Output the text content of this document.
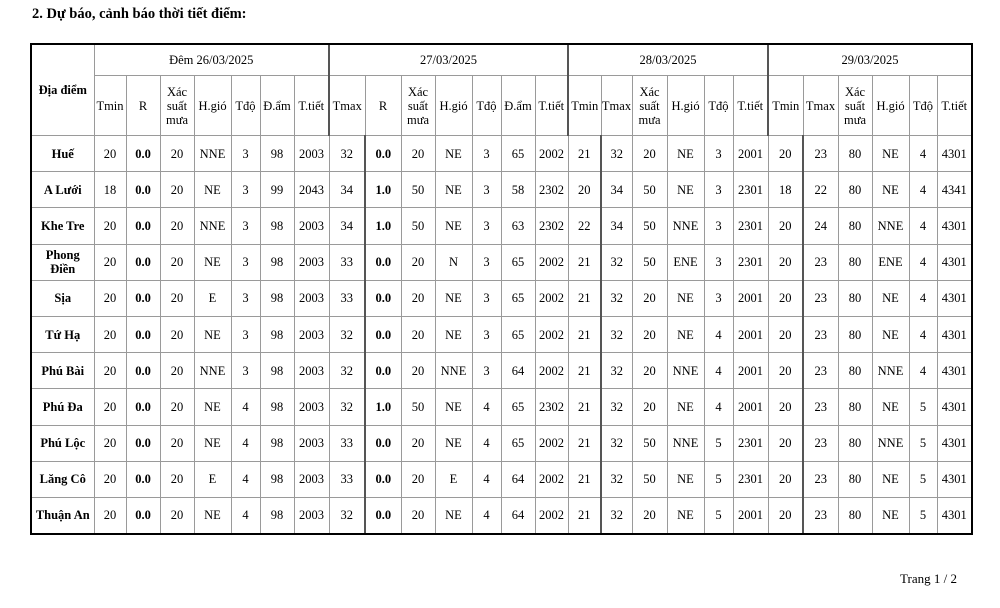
2. Dự báo, cảnh báo thời tiết điểm:
Địa điểm	Đêm 26/03/2025							27/03/2025							28/03/2025						29/03/2025					
	Tmin	R	Xác suất mưa	H.gió	Tđộ	Đ.ẩm	T.tiết	Tmax	R	Xác suất mưa	H.gió	Tđộ	Đ.ẩm	T.tiết	Tmin	Tmax	Xác suất mưa	H.gió	Tđộ	T.tiết	Tmin	Tmax	Xác suất mưa	H.gió	Tđộ	T.tiết
Huế	20	0.0	20	NNE	3	98	2003	32	0.0	20	NE	3	65	2002	21	32	20	NE	3	2001	20	23	80	NE	4	4301
A Lưới	18	0.0	20	NE	3	99	2043	34	1.0	50	NE	3	58	2302	20	34	50	NE	3	2301	18	22	80	NE	4	4341
Khe Tre	20	0.0	20	NNE	3	98	2003	34	1.0	50	NE	3	63	2302	22	34	50	NNE	3	2301	20	24	80	NNE	4	4301
Phong Điền	20	0.0	20	NE	3	98	2003	33	0.0	20	N	3	65	2002	21	32	50	ENE	3	2301	20	23	80	ENE	4	4301
Sịa	20	0.0	20	E	3	98	2003	33	0.0	20	NE	3	65	2002	21	32	20	NE	3	2001	20	23	80	NE	4	4301
Tứ Hạ	20	0.0	20	NE	3	98	2003	32	0.0	20	NE	3	65	2002	21	32	20	NE	4	2001	20	23	80	NE	4	4301
Phú Bài	20	0.0	20	NNE	3	98	2003	32	0.0	20	NNE	3	64	2002	21	32	20	NNE	4	2001	20	23	80	NNE	4	4301
Phú Đa	20	0.0	20	NE	4	98	2003	32	1.0	50	NE	4	65	2302	21	32	20	NE	4	2001	20	23	80	NE	5	4301
Phú Lộc	20	0.0	20	NE	4	98	2003	33	0.0	20	NE	4	65	2002	21	32	50	NNE	5	2301	20	23	80	NNE	5	4301
Lăng Cô	20	0.0	20	E	4	98	2003	33	0.0	20	E	4	64	2002	21	32	50	NE	5	2301	20	23	80	NE	5	4301
Thuận An	20	0.0	20	NE	4	98	2003	32	0.0	20	NE	4	64	2002	21	32	20	NE	5	2001	20	23	80	NE	5	4301
Trang 1 / 2
